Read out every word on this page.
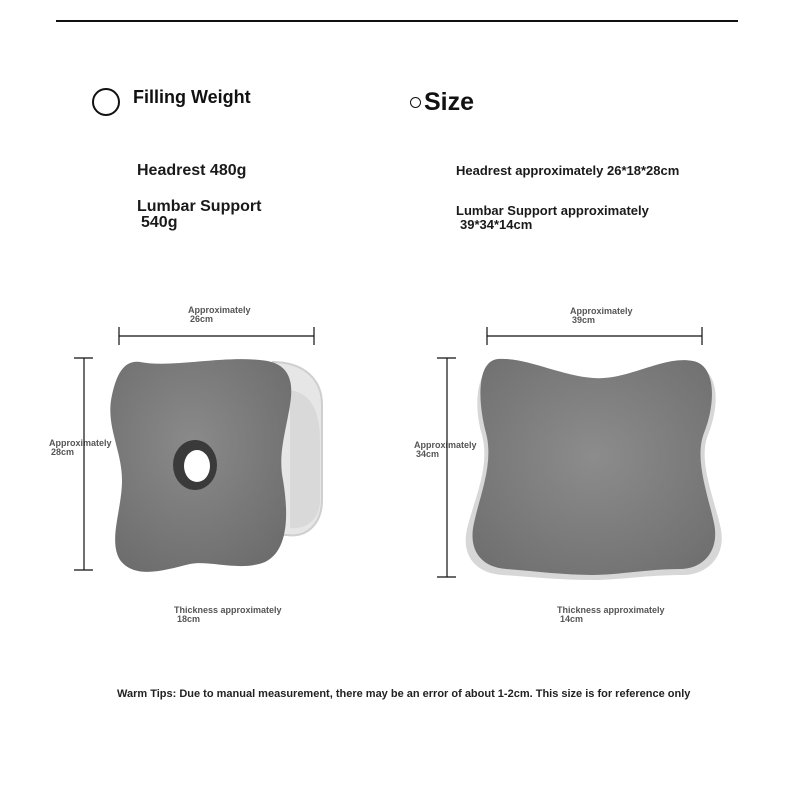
Filling Weight	Size
Headrest 480g
Lumbar Support
540g
Headrest approximately 26*18*28cm
Lumbar Support approximately
39*34*14cm
Approximately
26cm
Approximately
28cm
Thickness approximately
18cm
Approximately
39cm
Approximately
34cm
Thickness approximately
14cm
Warm Tips: Due to manual measurement, there may be an error of about 1-2cm. This size is for reference only
